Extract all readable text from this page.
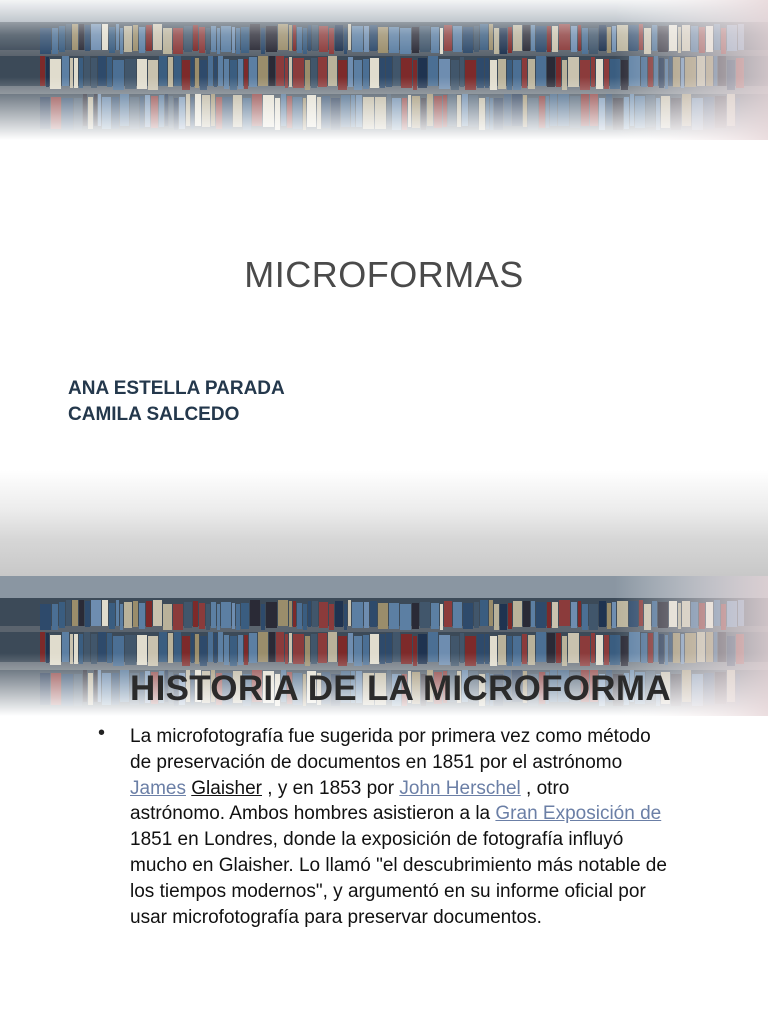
MICROFORMAS
ANA ESTELLA PARADA
CAMILA SALCEDO
HISTORIA DE LA MICROFORMA
• La microfotografía fue sugerida por primera vez como método
de preservación de documentos en 1851 por el astrónomo
James Glaisher , y en 1853 por John Herschel , otro
astrónomo. Ambos hombres asistieron a la Gran Exposición de
1851 en Londres, donde la exposición de fotografía influyó
mucho en Glaisher. Lo llamó "el descubrimiento más notable de
los tiempos modernos", y argumentó en su informe oficial por
usar microfotografía para preservar documentos.
